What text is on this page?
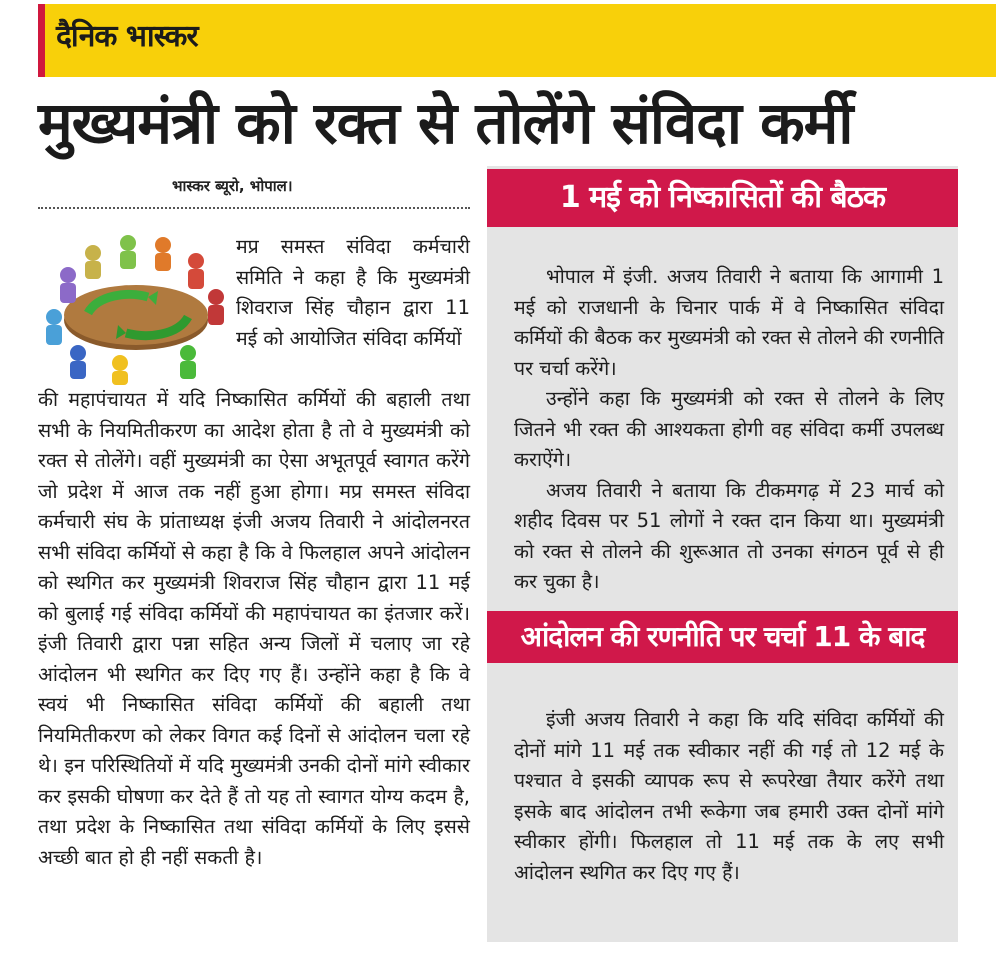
दैनिक भास्कर
मुख्यमंत्री को रक्त से तोलेंगे संविदा कर्मी
भास्कर ब्यूरो, भोपाल।

मप्र समस्त संविदा कर्मचारी समिति ने कहा है कि मुख्यमंत्री शिवराज सिंह चौहान द्वारा 11 मई को आयोजित संविदा कर्मियों

की महापंचायत में यदि निष्कासित कर्मियों की बहाली तथा सभी के नियमितीकरण का आदेश होता है तो वे मुख्यमंत्री को रक्त से तोलेंगे। वहीं मुख्यमंत्री का ऐसा अभूतपूर्व स्वागत करेंगे जो प्रदेश में आज तक नहीं हुआ होगा। मप्र समस्त संविदा कर्मचारी संघ के प्रांताध्यक्ष इंजी अजय तिवारी ने आंदोलनरत सभी संविदा कर्मियों से कहा है कि वे फिलहाल अपने आंदोलन को स्थगित कर मुख्यमंत्री शिवराज सिंह चौहान द्वारा 11 मई को बुलाई गई संविदा कर्मियों की महापंचायत का इंतजार करें। इंजी तिवारी द्वारा पन्ना सहित अन्य जिलों में चलाए जा रहे आंदोलन भी स्थगित कर दिए गए हैं। उन्होंने कहा है कि वे स्वयं भी निष्कासित संविदा कर्मियों की बहाली तथा नियमितीकरण को लेकर विगत कई दिनों से आंदोलन चला रहे थे। इन परिस्थितियों में यदि मुख्यमंत्री उनकी दोनों मांगे स्वीकार कर इसकी घोषणा कर देते हैं तो यह तो स्वागत योग्य कदम है, तथा प्रदेश के निष्कासित तथा संविदा कर्मियों के लिए इससे अच्छी बात हो ही नहीं सकती है।

1 मई को निष्कासितों की बैठक

भोपाल में इंजी. अजय तिवारी ने बताया कि आगामी 1 मई को राजधानी के चिनार पार्क में वे निष्कासित संविदा कर्मियों की बैठक कर मुख्यमंत्री को रक्त से तोलने की रणनीति पर चर्चा करेंगे।

उन्होंने कहा कि मुख्यमंत्री को रक्त से तोलने के लिए जितने भी रक्त की आश्यकता होगी वह संविदा कर्मी उपलब्ध कराऐंगे।

अजय तिवारी ने बताया कि टीकमगढ़ में 23 मार्च को शहीद दिवस पर 51 लोगों ने रक्त दान किया था। मुख्यमंत्री को रक्त से तोलने की शुरूआत तो उनका संगठन पूर्व से ही कर चुका है।

आंदोलन की रणनीति पर चर्चा 11 के बाद

इंजी अजय तिवारी ने कहा कि यदि संविदा कर्मियों की दोनों मांगे 11 मई तक स्वीकार नहीं की गई तो 12 मई के पश्चात वे इसकी व्यापक रूप से रूपरेखा तैयार करेंगे तथा इसके बाद आंदोलन तभी रूकेगा जब हमारी उक्त दोनों मांगे स्वीकार होंगी। फिलहाल तो 11 मई तक के लए सभी आंदोलन स्थगित कर दिए गए हैं।
